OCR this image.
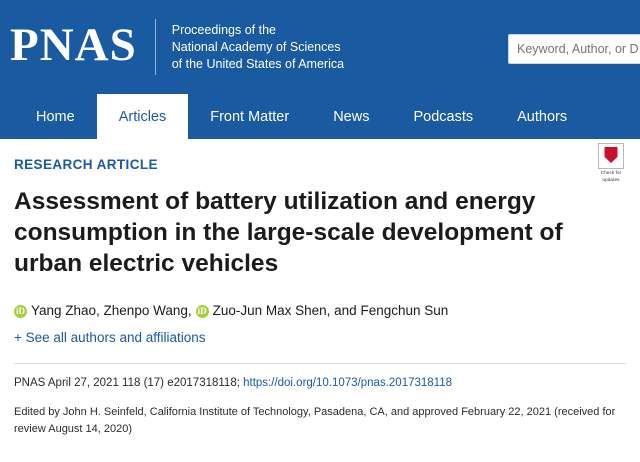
PNAS	Proceedings of the
National Academy of Sciences
of the United States of America
Keyword, Author, or DOI
Home	Articles	Front Matter	News	Podcasts	Authors
Check for
updates
RESEARCH ARTICLE
Assessment of battery utilization and energy consumption in the large-scale development of urban electric vehicles
iD Yang Zhao, Zhenpo Wang, iD Zuo-Jun Max Shen, and Fengchun Sun
+ See all authors and affiliations
PNAS April 27, 2021 118 (17) e2017318118; https://doi.org/10.1073/pnas.2017318118
Edited by John H. Seinfeld, California Institute of Technology, Pasadena, CA, and approved February 22, 2021 (received for review August 14, 2020)
